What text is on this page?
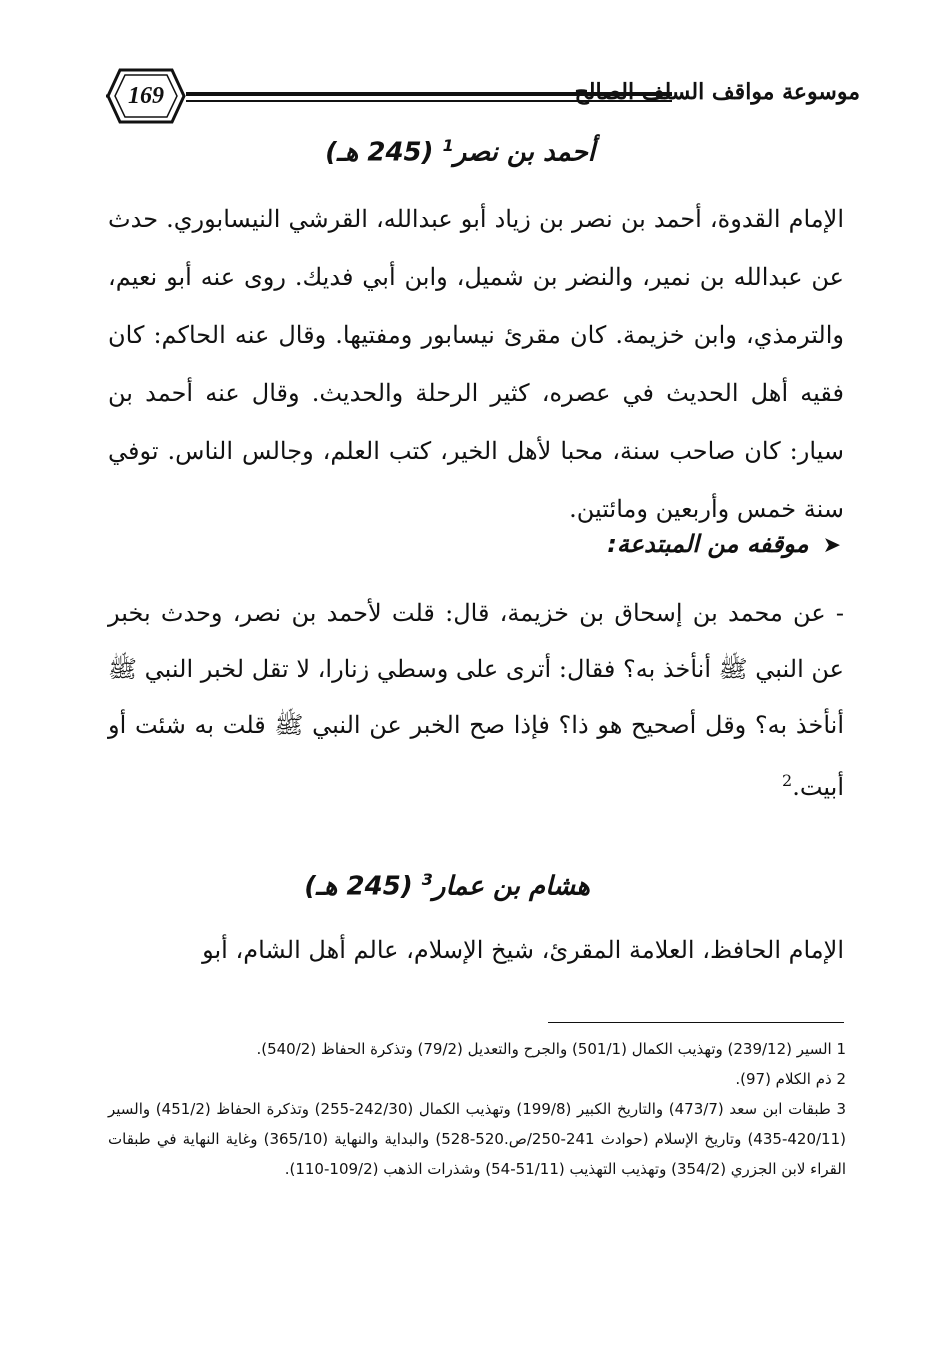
169	موسوعة مواقف السلف الصالح
أحمد بن نصر$^1$ (245 هـ)
الإمام القدوة، أحمد بن نصر بن زياد أبو عبدالله، القرشي النيسابوري. حدث عن عبدالله بن نمير، والنضر بن شميل، وابن أبي فديك. روى عنه أبو نعيم، والترمذي، وابن خزيمة. كان مقرئ نيسابور ومفتيها. وقال عنه الحاكم: كان فقيه أهل الحديث في عصره، كثير الرحلة والحديث. وقال عنه أحمد بن سيار: كان صاحب سنة، محبا لأهل الخير، كتب العلم، وجالس الناس. توفي سنة خمس وأربعين ومائتين.
➤موقفه من المبتدعة:
- عن محمد بن إسحاق بن خزيمة، قال: قلت لأحمد بن نصر، وحدث بخبر عن النبي ﷺ أنأخذ به؟ فقال: أترى على وسطي زنارا، لا تقل لخبر النبي ﷺ أنأخذ به؟ وقل أصحيح هو ذا؟ فإذا صح الخبر عن النبي ﷺ قلت به شئت أو أبيت.$^2$
هشام بن عمار$^3$ (245 هـ)
الإمام الحافظ، العلامة المقرئ، شيخ الإسلام، عالم أهل الشام، أبو

1 السير (239/12) وتهذيب الكمال (501/1) والجرح والتعديل (79/2) وتذكرة الحفاظ (540/2).

2 ذم الكلام (97).

3 طبقات ابن سعد (473/7) والتاريخ الكبير (199/8) وتهذيب الكمال (242/30-255) وتذكرة الحفاظ (451/2) والسير (420/11-435) وتاريخ الإسلام (حوادث 241-250/ص.520-528) والبداية والنهاية (365/10) وغاية النهاية في طبقات القراء لابن الجزري (354/2) وتهذيب التهذيب (51/11-54) وشذرات الذهب (109/2-110).
